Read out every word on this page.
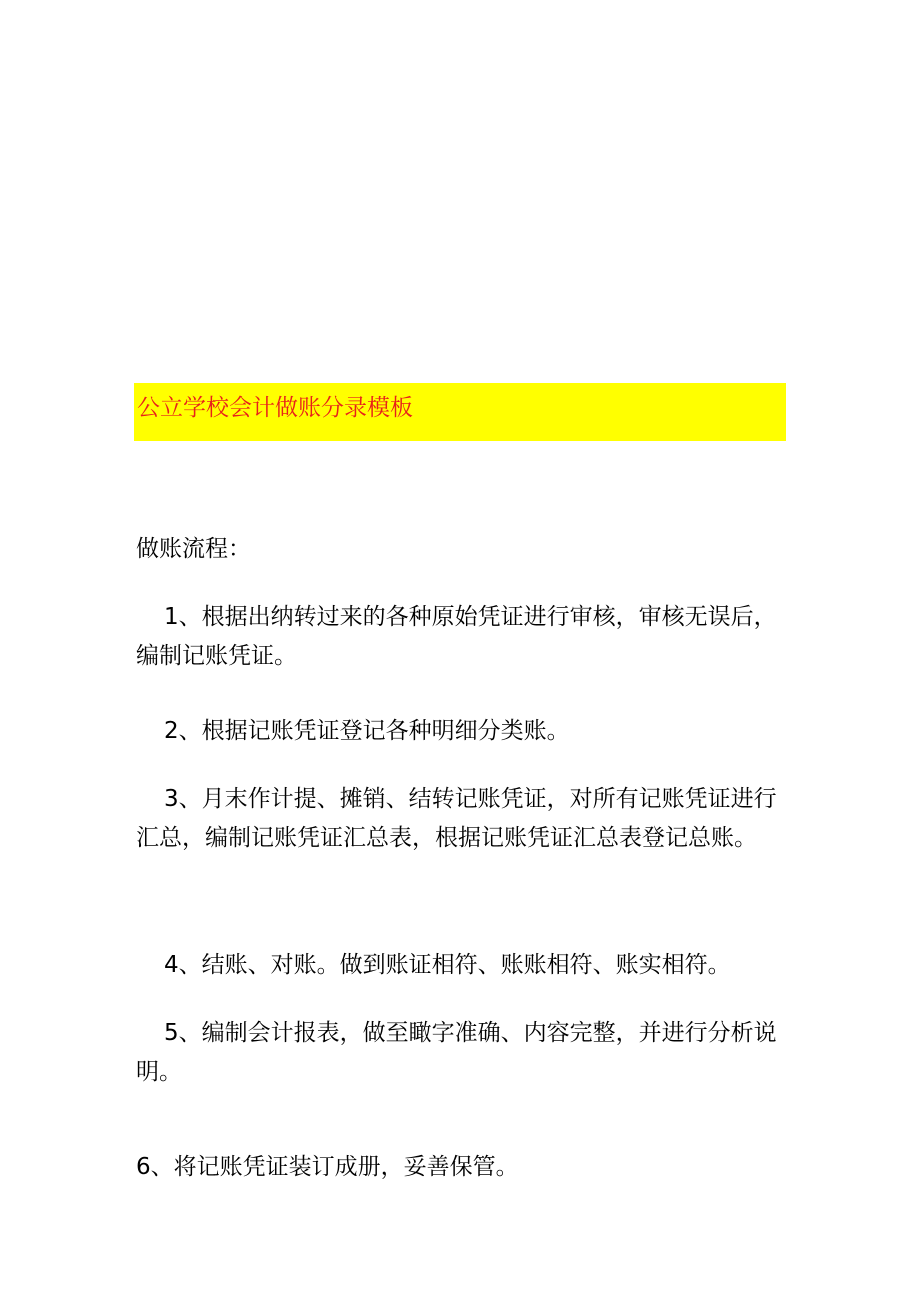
公立学校会计做账分录模板

做账流程：

1、根据出纳转过来的各种原始凭证进行审核，审核无误后，编制记账凭证。

2、根据记账凭证登记各种明细分类账。

3、月末作计提、摊销、结转记账凭证，对所有记账凭证进行汇总，编制记账凭证汇总表，根据记账凭证汇总表登记总账。

4、结账、对账。做到账证相符、账账相符、账实相符。

5、编制会计报表，做至瞰字准确、内容完整，并进行分析说明。

6、将记账凭证装订成册，妥善保管。
